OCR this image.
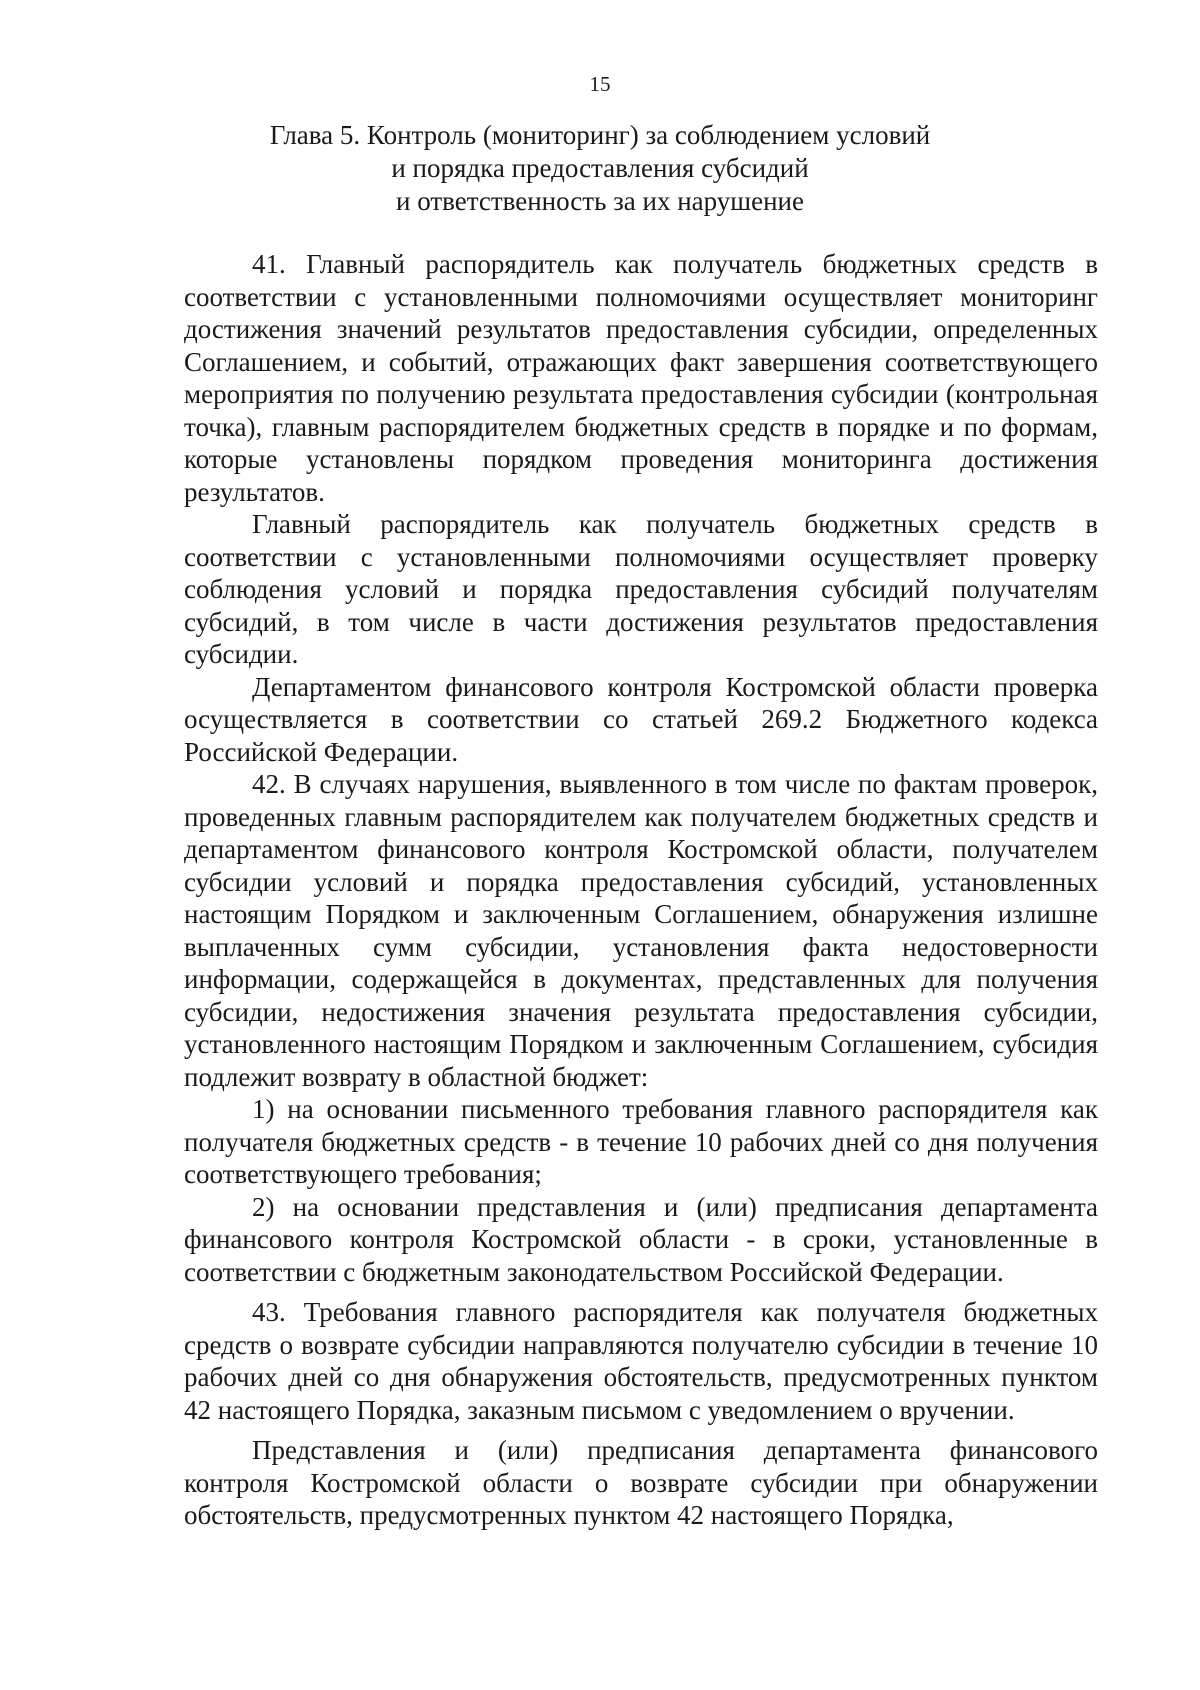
15
Глава 5. Контроль (мониторинг) за соблюдением условий
и порядка предоставления субсидий
и ответственность за их нарушение

41. Главный распорядитель как получатель бюджетных средств в соответствии с установленными полномочиями осуществляет мониторинг достижения значений результатов предоставления субсидии, определенных Соглашением, и событий, отражающих факт завершения соответствующего мероприятия по получению результата предоставления субсидии (контрольная точка), главным распорядителем бюджетных средств в порядке и по формам, которые установлены порядком проведения мониторинга достижения результатов.

Главный распорядитель как получатель бюджетных средств в соответствии с установленными полномочиями осуществляет проверку соблюдения условий и порядка предоставления субсидий получателям субсидий, в том числе в части достижения результатов предоставления субсидии.

Департаментом финансового контроля Костромской области проверка осуществляется в соответствии со статьей 269.2 Бюджетного кодекса Российской Федерации.

42. В случаях нарушения, выявленного в том числе по фактам проверок, проведенных главным распорядителем как получателем бюджетных средств и департаментом финансового контроля Костромской области, получателем субсидии условий и порядка предоставления субсидий, установленных настоящим Порядком и заключенным Соглашением, обнаружения излишне выплаченных сумм субсидии, установления факта недостоверности информации, содержащейся в документах, представленных для получения субсидии, недостижения значения результата предоставления субсидии, установленного настоящим Порядком и заключенным Соглашением, субсидия подлежит возврату в областной бюджет:

1) на основании письменного требования главного распорядителя как получателя бюджетных средств - в течение 10 рабочих дней со дня получения соответствующего требования;

2) на основании представления и (или) предписания департамента финансового контроля Костромской области - в сроки, установленные в соответствии с бюджетным законодательством Российской Федерации.

43. Требования главного распорядителя как получателя бюджетных средств о возврате субсидии направляются получателю субсидии в течение 10 рабочих дней со дня обнаружения обстоятельств, предусмотренных пунктом 42 настоящего Порядка, заказным письмом с уведомлением о вручении.

Представления и (или) предписания департамента финансового контроля Костромской области о возврате субсидии при обнаружении обстоятельств, предусмотренных пунктом 42 настоящего Порядка,
